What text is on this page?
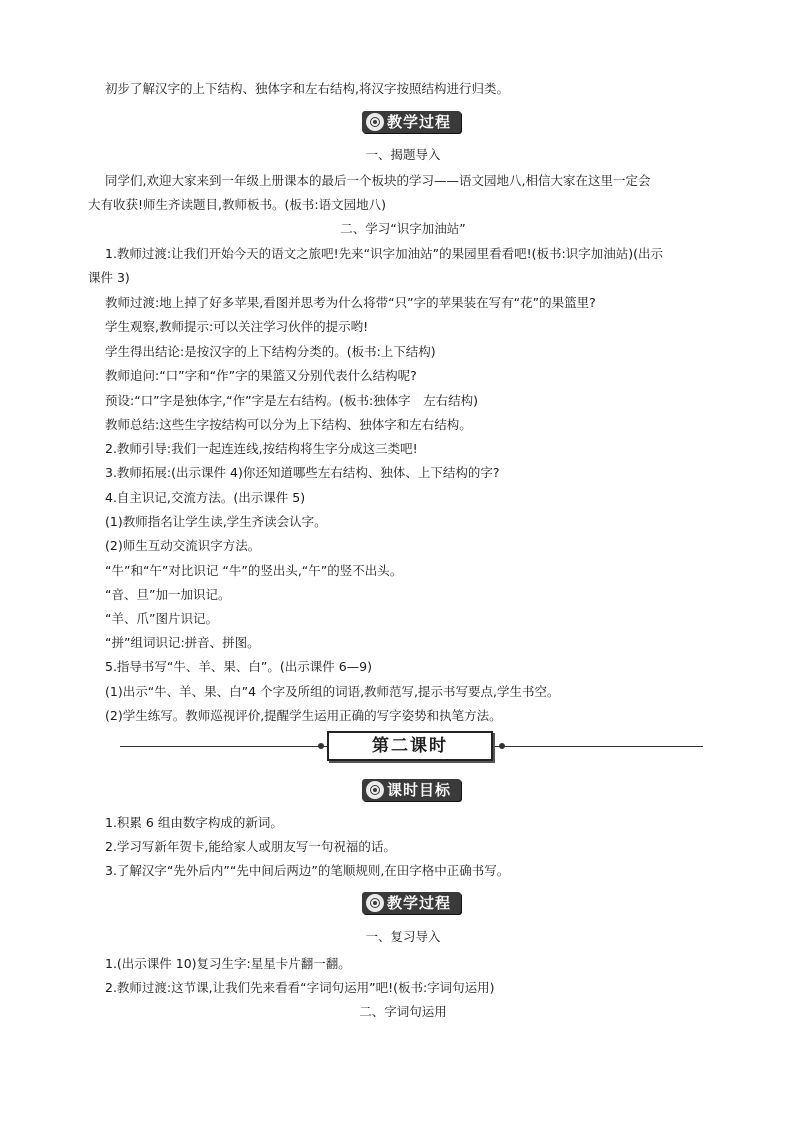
初步了解汉字的上下结构、独体字和左右结构,将汉字按照结构进行归类。
教学过程
一、揭题导入
同学们,欢迎大家来到一年级上册课本的最后一个板块的学习——语文园地八,相信大家在这里一定会
大有收获!师生齐读题目,教师板书。(板书:语文园地八)
二、学习“识字加油站”
1.教师过渡:让我们开始今天的语文之旅吧!先来“识字加油站”的果园里看看吧!(板书:识字加油站)(出示
课件 3)
教师过渡:地上掉了好多苹果,看图并思考为什么将带“只”字的苹果装在写有“花”的果篮里?
学生观察,教师提示:可以关注学习伙伴的提示哟!
学生得出结论:是按汉字的上下结构分类的。(板书:上下结构)
教师追问:“口”字和“作”字的果篮又分别代表什么结构呢?
预设:“口”字是独体字,“作”字是左右结构。(板书:独体字　左右结构)
教师总结:这些生字按结构可以分为上下结构、独体字和左右结构。
2.教师引导:我们一起连连线,按结构将生字分成这三类吧!
3.教师拓展:(出示课件 4)你还知道哪些左右结构、独体、上下结构的字?
4.自主识记,交流方法。(出示课件 5)
(1)教师指名让学生读,学生齐读会认字。
(2)师生互动交流识字方法。
“牛”和“午”对比识记 “牛”的竖出头,“午”的竖不出头。
“音、旦”加一加识记。
“羊、爪”图片识记。
“拼”组词识记:拼音、拼图。
5.指导书写“牛、羊、果、白”。(出示课件 6—9)
(1)出示“牛、羊、果、白”4 个字及所组的词语,教师范写,提示书写要点,学生书空。
(2)学生练写。教师巡视评价,提醒学生运用正确的写字姿势和执笔方法。
第二课时
课时目标
1.积累 6 组由数字构成的新词。
2.学习写新年贺卡,能给家人或朋友写一句祝福的话。
3.了解汉字“先外后内”“先中间后两边”的笔顺规则,在田字格中正确书写。
教学过程
一、复习导入
1.(出示课件 10)复习生字:星星卡片翻一翻。
2.教师过渡:这节课,让我们先来看看“字词句运用”吧!(板书:字词句运用)
二、字词句运用
